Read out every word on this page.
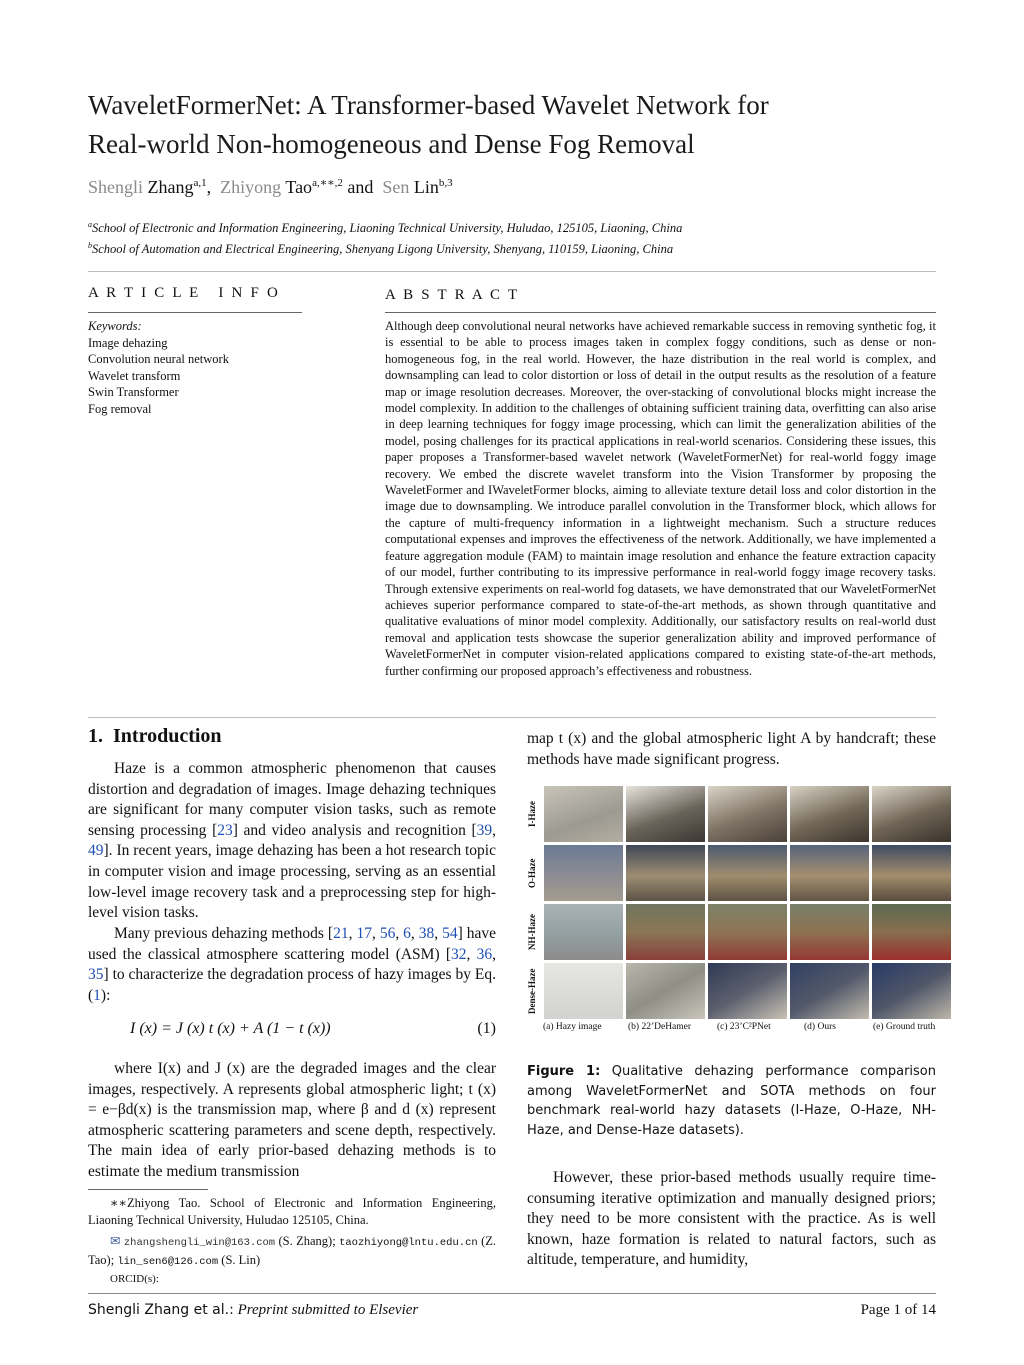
WaveletFormerNet: A Transformer-based Wavelet Network for
Real-world Non-homogeneous and Dense Fog Removal
Shengli Zhang$^{a,1}$,  Zhiyong Tao$^{a,∗∗,2}$ and  Sen Lin$^{b,3}$
$^a$School of Electronic and Information Engineering, Liaoning Technical University, Huludao, 125105, Liaoning, China
$^b$School of Automation and Electrical Engineering, Shenyang Ligong University, Shenyang, 110159, Liaoning, China
A R T I C L E   I N F O
Keywords:
Image dehazing
Convolution neural network
Wavelet transform
Swin Transformer
Fog removal
A B S T R A C T
Although deep convolutional neural networks have achieved remarkable success in removing synthetic fog, it is essential to be able to process images taken in complex foggy conditions, such as dense or non-homogeneous fog, in the real world. However, the haze distribution in the real world is complex, and downsampling can lead to color distortion or loss of detail in the output results as the resolution of a feature map or image resolution decreases. Moreover, the over-stacking of convolutional blocks might increase the model complexity. In addition to the challenges of obtaining sufficient training data, overfitting can also arise in deep learning techniques for foggy image processing, which can limit the generalization abilities of the model, posing challenges for its practical applications in real-world scenarios. Considering these issues, this paper proposes a Transformer-based wavelet network (WaveletFormerNet) for real-world foggy image recovery. We embed the discrete wavelet transform into the Vision Transformer by proposing the WaveletFormer and IWaveletFormer blocks, aiming to alleviate texture detail loss and color distortion in the image due to downsampling. We introduce parallel convolution in the Transformer block, which allows for the capture of multi-frequency information in a lightweight mechanism. Such a structure reduces computational expenses and improves the effectiveness of the network. Additionally, we have implemented a feature aggregation module (FAM) to maintain image resolution and enhance the feature extraction capacity of our model, further contributing to its impressive performance in real-world foggy image recovery tasks. Through extensive experiments on real-world fog datasets, we have demonstrated that our WaveletFormerNet achieves superior performance compared to state-of-the-art methods, as shown through quantitative and qualitative evaluations of minor model complexity. Additionally, our satisfactory results on real-world dust removal and application tests showcase the superior generalization ability and improved performance of WaveletFormerNet in computer vision-related applications compared to existing state-of-the-art methods, further confirming our proposed approach’s effectiveness and robustness.
1.  Introduction
Haze is a common atmospheric phenomenon that causes distortion and degradation of images. Image dehazing techniques are significant for many computer vision tasks, such as remote sensing processing [23] and video analysis and recognition [39, 49]. In recent years, image dehazing has been a hot research topic in computer vision and image processing, serving as an essential low-level image recovery task and a preprocessing step for high-level vision tasks.
Many previous dehazing methods [21, 17, 56, 6, 38, 54] have used the classical atmosphere scattering model (ASM) [32, 36, 35] to characterize the degradation process of hazy images by Eq. (1):
I (x) = J (x) t (x) + A (1 − t (x))	(1)
where I(x) and J (x) are the degraded images and the clear images, respectively. A represents global atmospheric light; t (x) = e−βd(x) is the transmission map, where β and d (x) represent atmospheric scattering parameters and scene depth, respectively. The main idea of early prior-based dehazing methods is to estimate the medium transmission
∗∗Zhiyong Tao. School of Electronic and Information Engineering, Liaoning Technical University, Huludao 125105, China.
✉ zhangshengli_win@163.com (S. Zhang); taozhiyong@lntu.edu.cn (Z. Tao); lin_sen6@126.com (S. Lin)
ORCID(s):
map t (x) and the global atmospheric light A by handcraft; these methods have made significant progress.
I-Haze
O-Haze
NH-Haze
Dense-Haze
(a) Hazy image	(b) 22’DeHamer	(c) 23’C²PNet	(d) Ours	(e) Ground truth
Figure 1: Qualitative dehazing performance comparison among WaveletFormerNet and SOTA methods on four benchmark real-world hazy datasets (I-Haze, O-Haze, NH-Haze, and Dense-Haze datasets).
However, these prior-based methods usually require time-consuming iterative optimization and manually designed priors; they need to be more consistent with the practice. As is well known, haze formation is related to natural factors, such as altitude, temperature, and humidity,
Shengli Zhang et al.: Preprint submitted to Elsevier	Page 1 of 14
